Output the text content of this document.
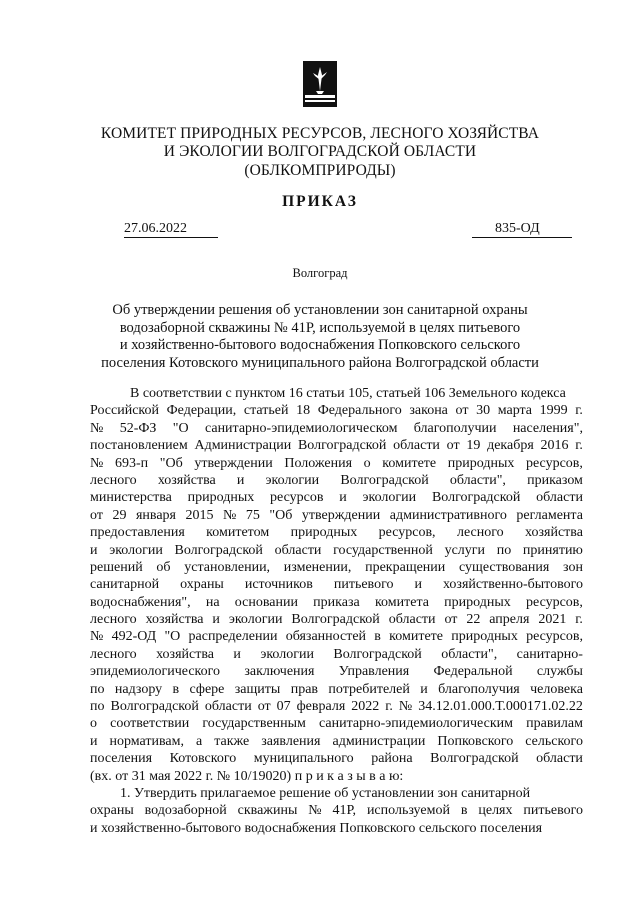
КОМИТЕТ ПРИРОДНЫХ РЕСУРСОВ, ЛЕСНОГО ХОЗЯЙСТВА
И ЭКОЛОГИИ ВОЛГОГРАДСКОЙ ОБЛАСТИ
(ОБЛКОМПРИРОДЫ)
ПРИКАЗ
27.06.2022	835-ОД
Волгоград
Об утверждении решения об установлении зон санитарной охраны
водозаборной скважины № 41Р, используемой в целях питьевого
и хозяйственно-бытового водоснабжения Попковского сельского
поселения Котовского муниципального района Волгоградской области
В соответствии с пунктом 16 статьи 105, статьей 106 Земельного кодекса
Российской Федерации, статьей 18 Федерального закона от 30 марта 1999 г.
№ 52-ФЗ "О санитарно-эпидемиологическом благополучии населения",
постановлением Администрации Волгоградской области от 19 декабря 2016 г.
№ 693-п "Об утверждении Положения о комитете природных ресурсов,
лесного хозяйства и экологии Волгоградской области", приказом
министерства природных ресурсов и экологии Волгоградской области
от 29 января 2015 № 75 "Об утверждении административного регламента
предоставления комитетом природных ресурсов, лесного хозяйства
и экологии Волгоградской области государственной услуги по принятию
решений об установлении, изменении, прекращении существования зон
санитарной охраны источников питьевого и хозяйственно-бытового
водоснабжения", на основании приказа комитета природных ресурсов,
лесного хозяйства и экологии Волгоградской области от 22 апреля 2021 г.
№ 492-ОД "О распределении обязанностей в комитете природных ресурсов,
лесного хозяйства и экологии Волгоградской области", санитарно-
эпидемиологического заключения Управления Федеральной службы
по надзору в сфере защиты прав потребителей и благополучия человека
по Волгоградской области от 07 февраля 2022 г. № 34.12.01.000.Т.000171.02.22
о соответствии государственным санитарно-эпидемиологическим правилам
и нормативам, а также заявления администрации Попковского сельского
поселения Котовского муниципального района Волгоградской области
(вх. от 31 мая 2022 г. № 10/19020) п р и к а з ы в а ю:
1. Утвердить прилагаемое решение об установлении зон санитарной
охраны водозаборной скважины № 41Р, используемой в целях питьевого
и хозяйственно-бытового водоснабжения Попковского сельского поселения
